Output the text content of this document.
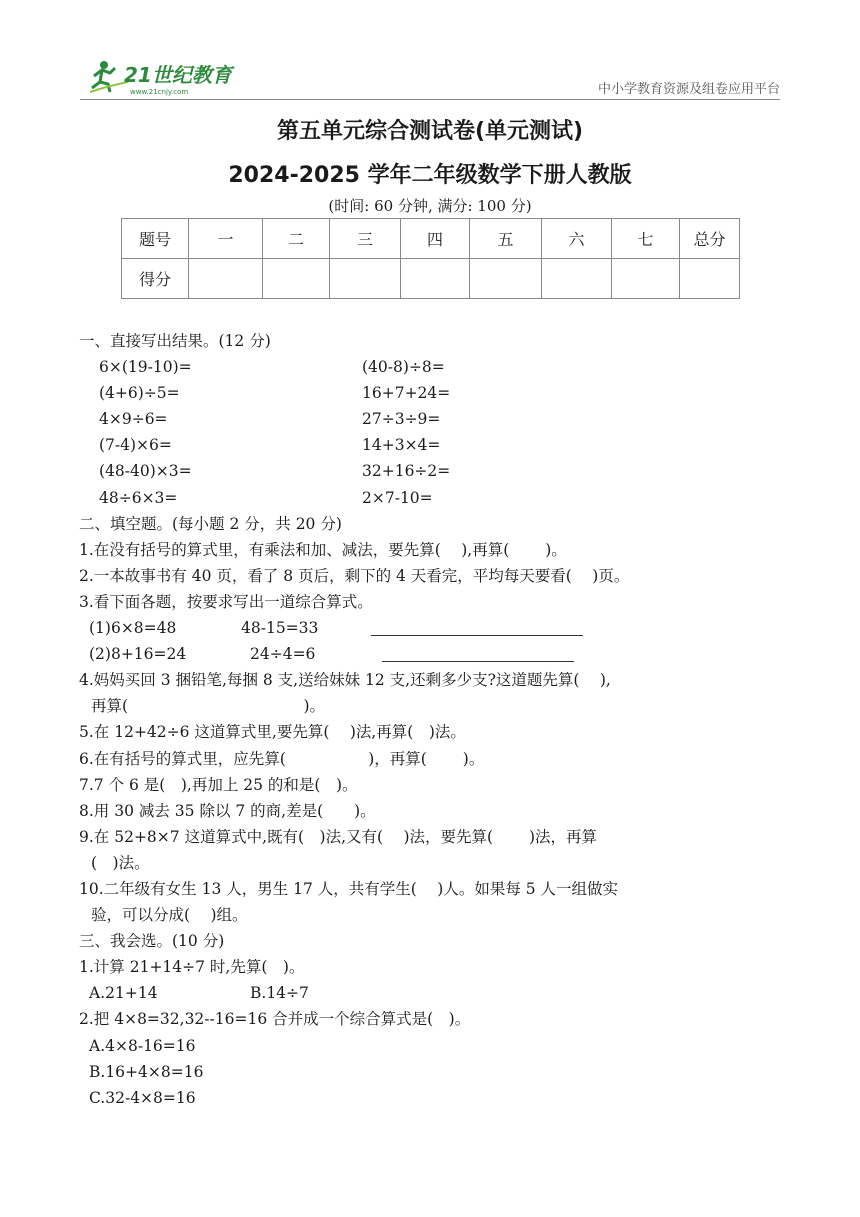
21世纪教育
www.21cnjy.com	中小学教育资源及组卷应用平台
第五单元综合测试卷(单元测试)
2024-2025 学年二年级数学下册人教版
(时间: 60 分钟, 满分: 100 分)
题号	一	二	三	四	五	六	七	总分
得分								
一、直接写出结果。(12 分)
6×(19-10)=	(40-8)÷8=
(4+6)÷5=	16+7+24=
4×9÷6=	27÷3÷9=
(7-4)×6=	14+3×4=
(48-40)×3=	32+16÷2=
48÷6×3=	2×7-10=
二、填空题。(每小题 2 分，共 20 分)
1.在没有括号的算式里，有乘法和加、减法，要先算(　 ),再算(　　 )。
2.一本故事书有 40 页，看了 8 页后，剩下的 4 天看完，平均每天要看(　 )页。
3.看下面各题，按要求写出一道综合算式。
(1)6×8=48	48-15=33
(2)8+16=24	24÷4=6
4.妈妈买回 3 捆铅笔,每捆 8 支,送给妹妹 12 支,还剩多少支?这道题先算(　 ),
再算(　　　　　　　　　　　 )。
5.在 12+42÷6 这道算式里,要先算(　 )法,再算(　)法。
6.在有括号的算式里，应先算(　　　　　 )，再算(　　 )。
7.7 个 6 是(　),再加上 25 的和是(　)。
8.用 30 减去 35 除以 7 的商,差是(　　)。
9.在 52+8×7 这道算式中,既有(　)法,又有(　 )法，要先算(　　 )法，再算
(　)法。
10.二年级有女生 13 人，男生 17 人，共有学生(　 )人。如果每 5 人一组做实
验，可以分成(　 )组。
三、我会选。(10 分)
1.计算 21+14÷7 时,先算(　)。
A.21+14	B.14÷7
2.把 4×8=32,32--16=16 合并成一个综合算式是(　)。
A.4×8-16=16
B.16+4×8=16
C.32-4×8=16
